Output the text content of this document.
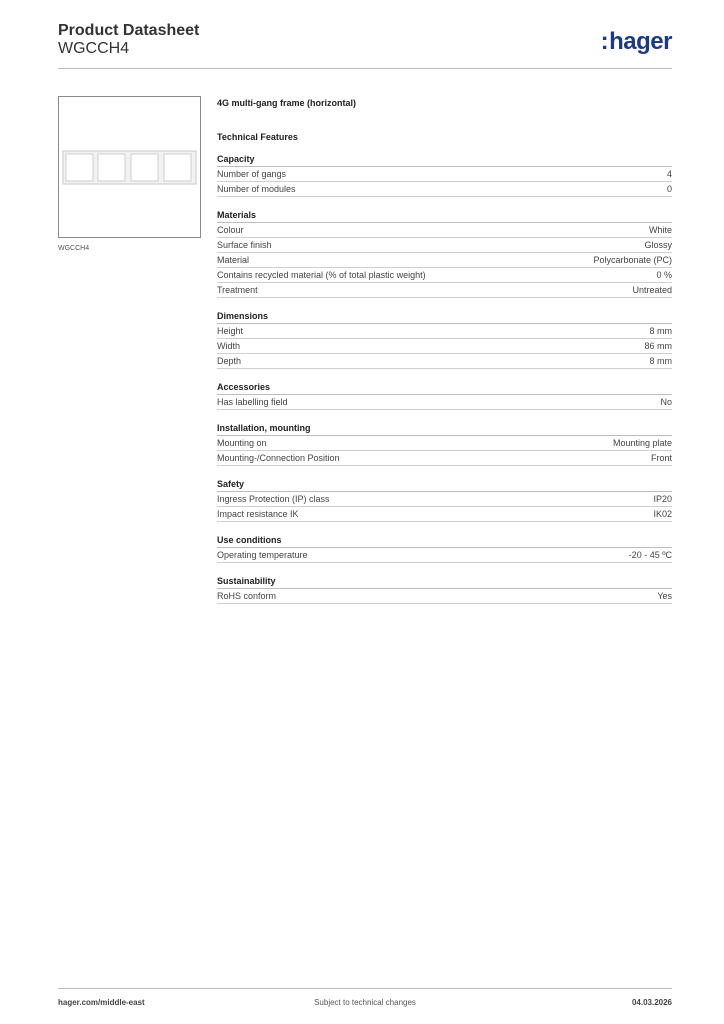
Product Datasheet
WGCCH4	:hager
WGCCH4
4G multi-gang frame (horizontal)
Technical Features
Capacity
Number of gangs	4
Number of modules	0
Materials
Colour	White
Surface finish	Glossy
Material	Polycarbonate (PC)
Contains recycled material (% of total plastic weight)	0 %
Treatment	Untreated
Dimensions
Height	8 mm
Width	86 mm
Depth	8 mm
Accessories
Has labelling field	No
Installation, mounting
Mounting on	Mounting plate
Mounting-/Connection Position	Front
Safety
Ingress Protection (IP) class	IP20
Impact resistance IK	IK02
Use conditions
Operating temperature	-20 - 45 ºC
Sustainability
RoHS conform	Yes
Subject to technical changes
hager.com/middle-east	04.03.2026
